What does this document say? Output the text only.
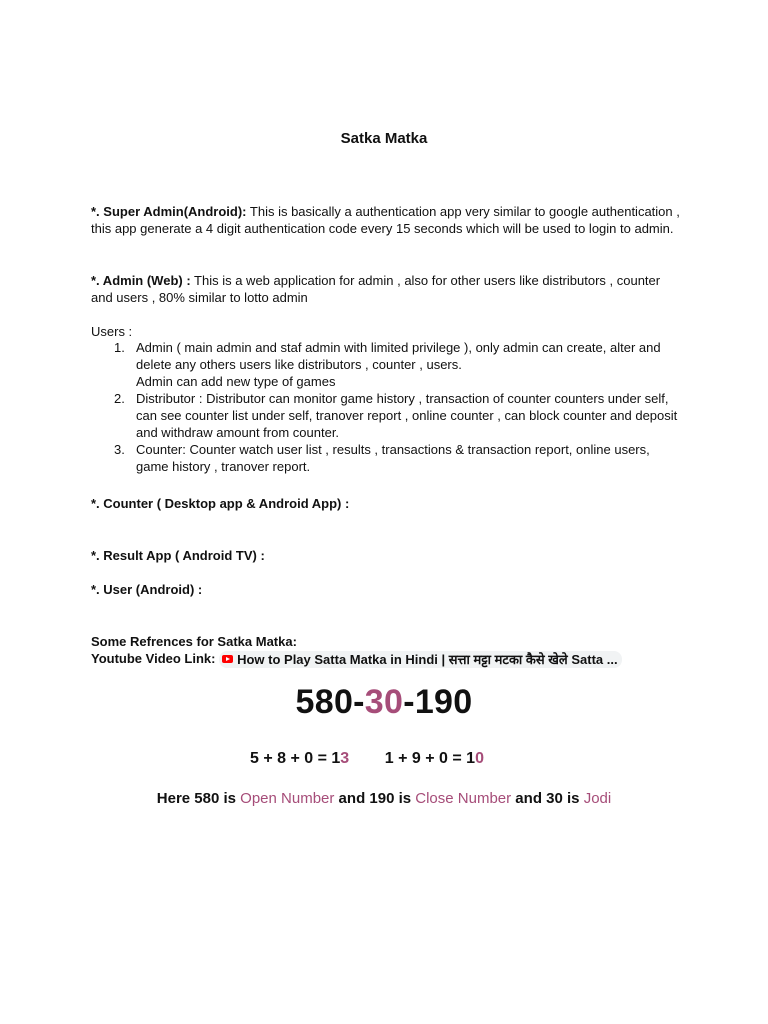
Satka Matka
*. Super Admin(Android): This is basically a authentication app very similar to google authentication , this app generate a 4 digit authentication code every 15 seconds which will be used to login to admin.
*. Admin (Web) : This is a web application for admin , also for other users like distributors , counter and users , 80% similar to lotto admin
Users :
1. Admin ( main admin and staf admin with limited privilege ), only admin can create, alter and delete any others users like distributors , counter , users.
Admin can add new type of games
2. Distributor : Distributor can monitor game history , transaction of counter counters under self, can see counter list under self, tranover report , online counter , can block counter and deposit and withdraw amount from counter.
3. Counter: Counter watch user list , results , transactions & transaction report, online users, game history , tranover report.
*. Counter ( Desktop app & Android App) :
*. Result App ( Android TV) :
*. User (Android) :
Some Refrences for Satka Matka:
Youtube Video Link: How to Play Satta Matka in Hindi | सत्ता मट्टा मटका कैसे खेले Satta ...
580-30-190
5 + 8 + 0 = 13 1 + 9 + 0 = 10
Here 580 is Open Number and 190 is Close Number and 30 is Jodi
